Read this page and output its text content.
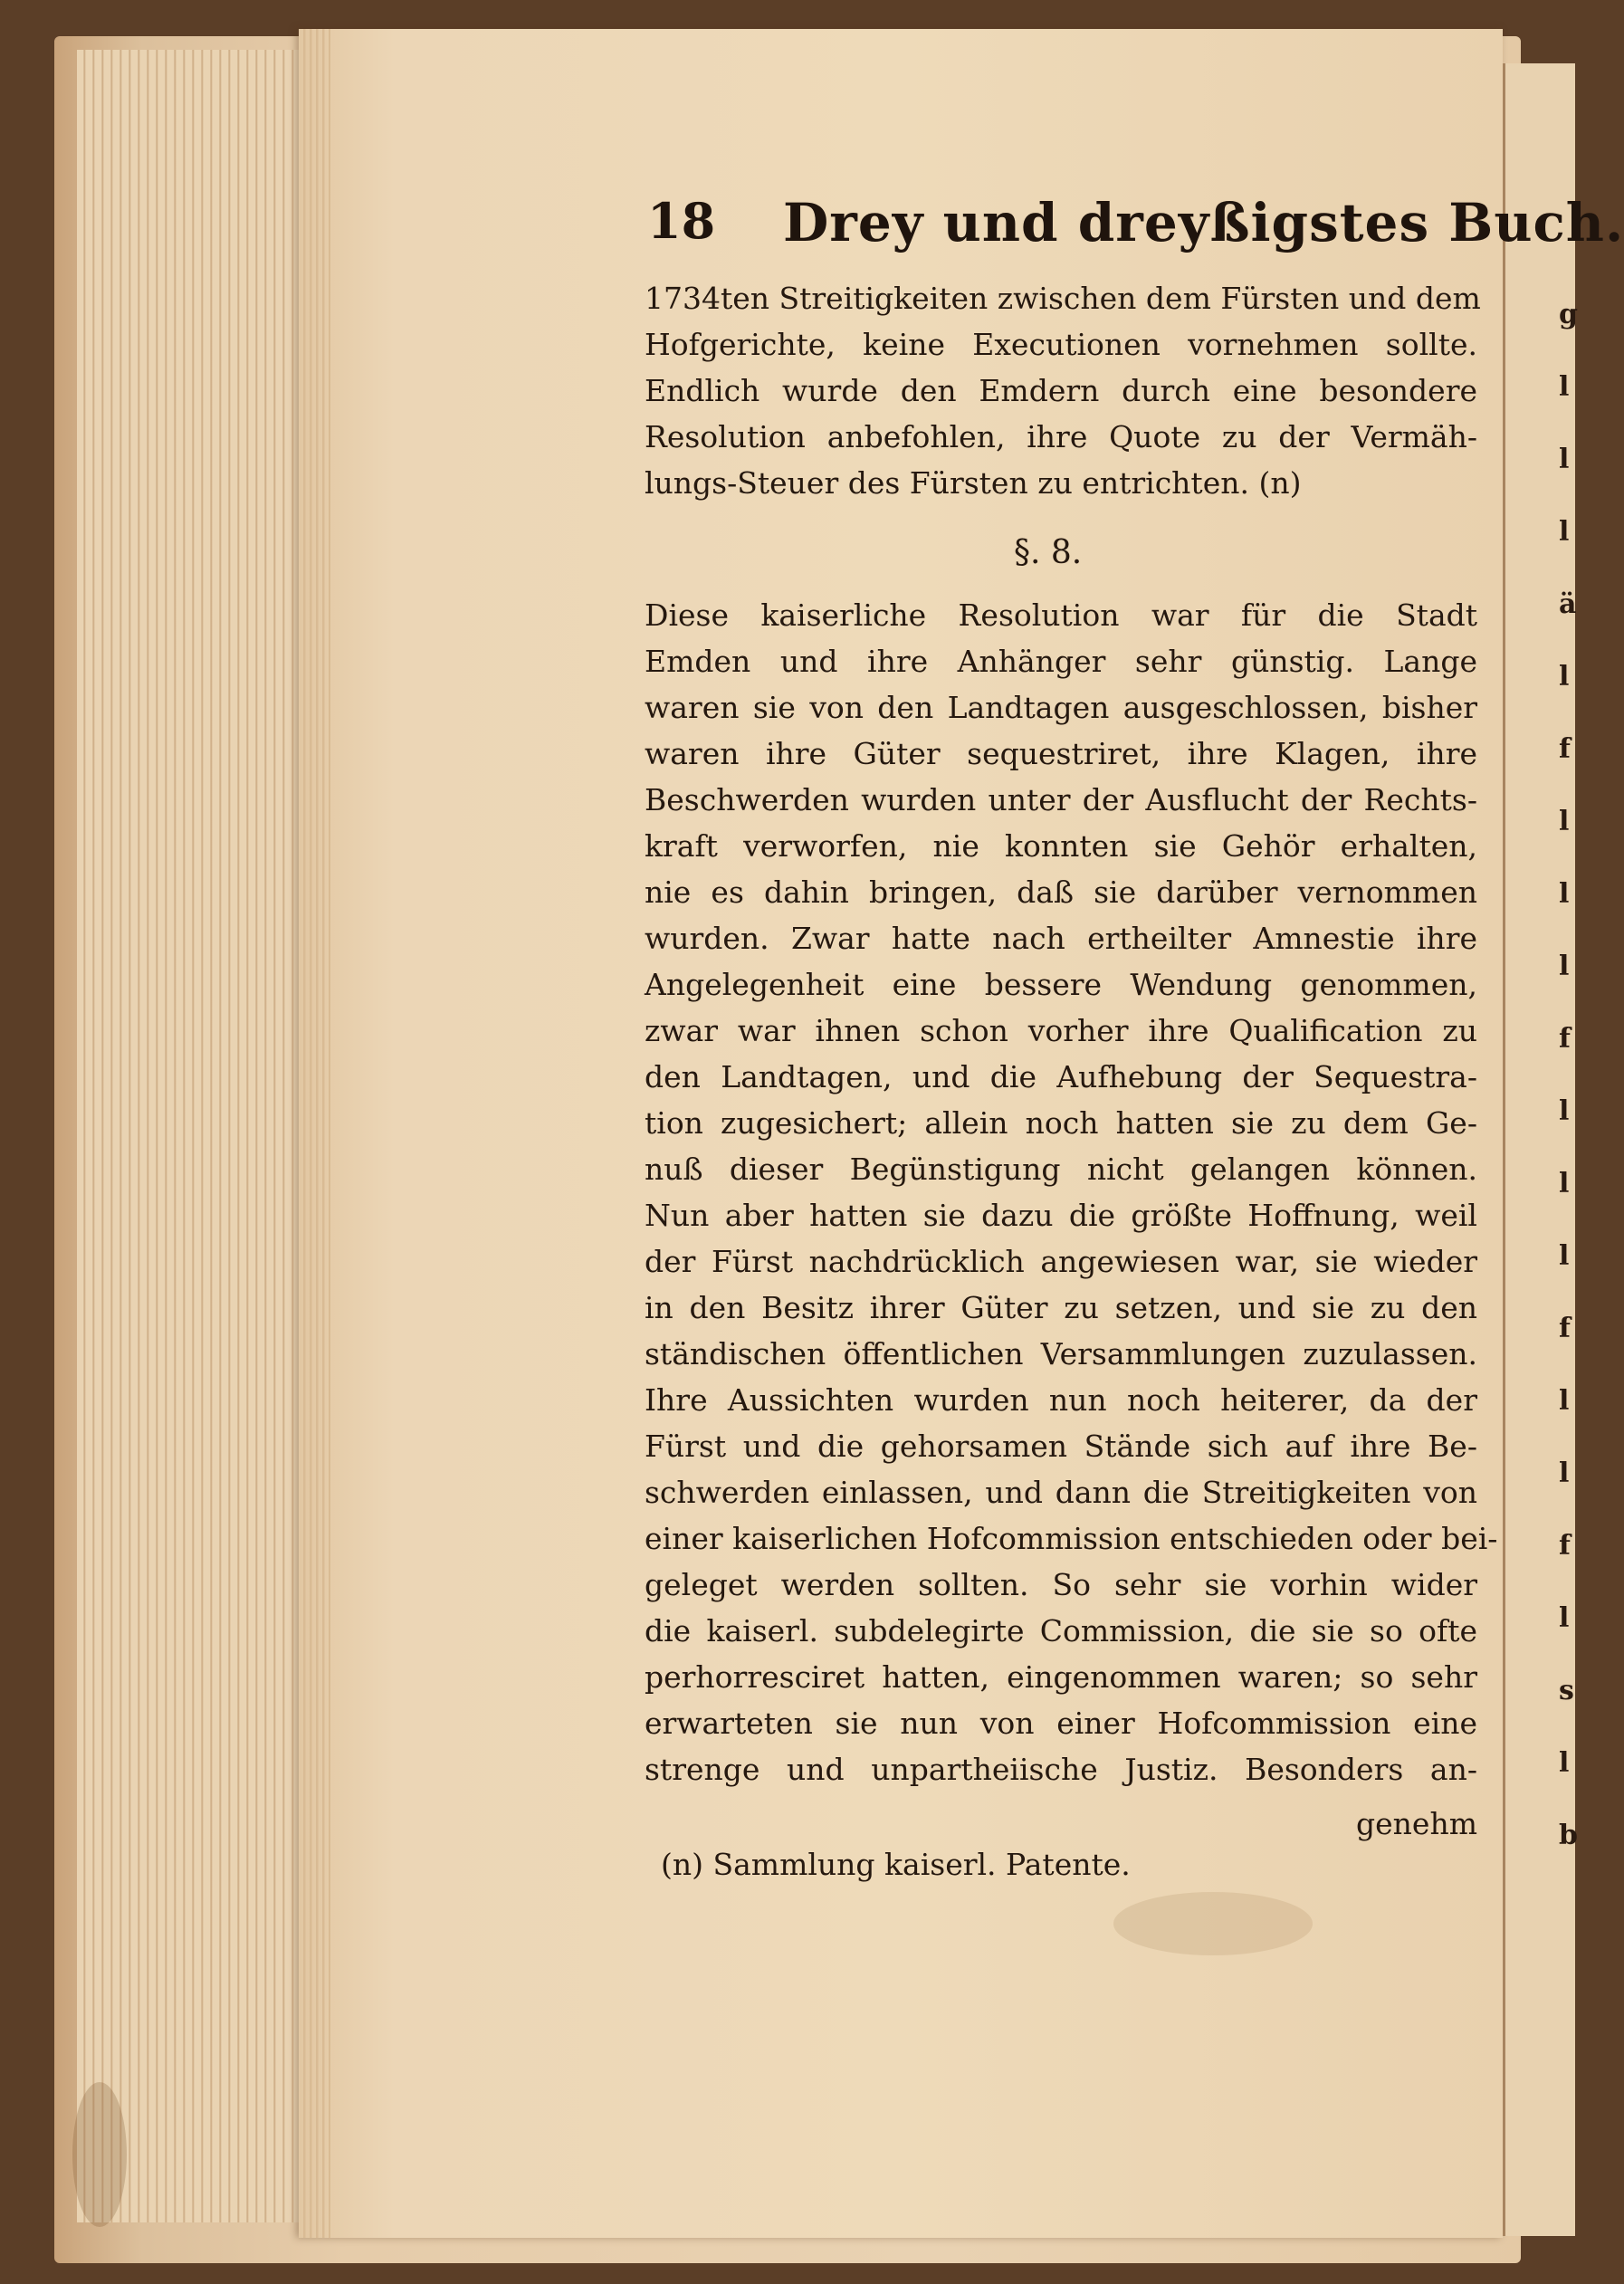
g
l
l
l
ä
l
f
l
l
l
f
l
l
l
f
l
l
f
l
s
l
b
18 Drey und dreyßigstes Buch.
1734ten Streitigkeiten zwischen dem Fürsten und dem
Hofgerichte, keine Executionen vornehmen sollte.
Endlich wurde den Emdern durch eine besondere
Resolution anbefohlen, ihre Quote zu der Vermäh-
lungs-Steuer des Fürsten zu entrichten. (n)
§. 8.
Diese kaiserliche Resolution war für die Stadt
Emden und ihre Anhänger sehr günstig. Lange
waren sie von den Landtagen ausgeschlossen, bisher
waren ihre Güter sequestriret, ihre Klagen, ihre
Beschwerden wurden unter der Ausflucht der Rechts-
kraft verworfen, nie konnten sie Gehör erhalten,
nie es dahin bringen, daß sie darüber vernommen
wurden. Zwar hatte nach ertheilter Amnestie ihre
Angelegenheit eine bessere Wendung genommen,
zwar war ihnen schon vorher ihre Qualification zu
den Landtagen, und die Aufhebung der Sequestra-
tion zugesichert; allein noch hatten sie zu dem Ge-
nuß dieser Begünstigung nicht gelangen können.
Nun aber hatten sie dazu die größte Hoffnung, weil
der Fürst nachdrücklich angewiesen war, sie wieder
in den Besitz ihrer Güter zu setzen, und sie zu den
ständischen öffentlichen Versammlungen zuzulassen.
Ihre Aussichten wurden nun noch heiterer, da der
Fürst und die gehorsamen Stände sich auf ihre Be-
schwerden einlassen, und dann die Streitigkeiten von
einer kaiserlichen Hofcommission entschieden oder bei-
geleget werden sollten. So sehr sie vorhin wider
die kaiserl. subdelegirte Commission, die sie so ofte
perhorresciret hatten, eingenommen waren; so sehr
erwarteten sie nun von einer Hofcommission eine
strenge und unpartheiische Justiz. Besonders an-
genehm
(n) Sammlung kaiserl. Patente.
